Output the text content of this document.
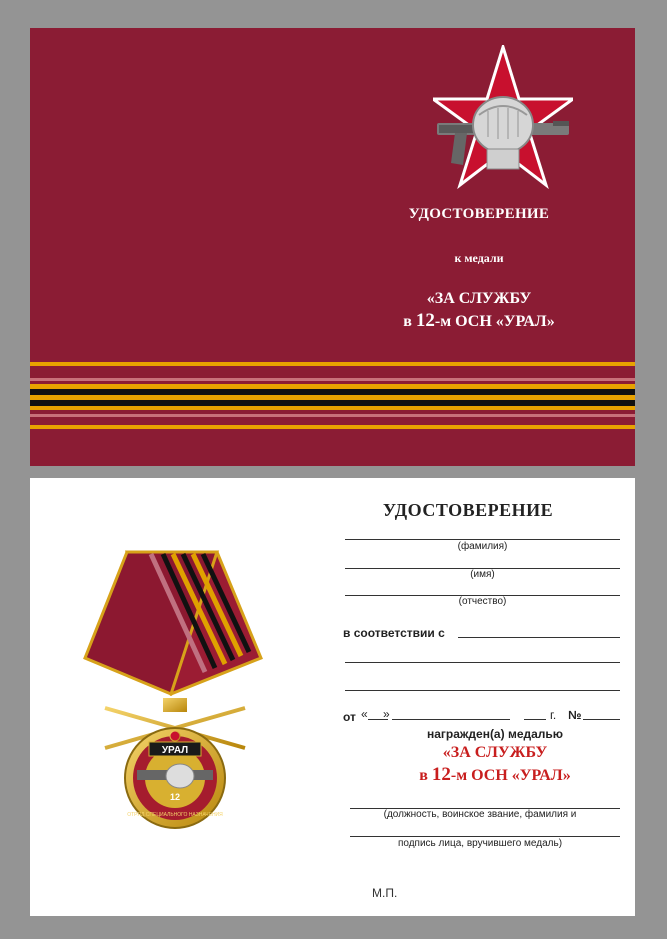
УДОСТОВЕРЕНИЕ
к медали
«ЗА СЛУЖБУ
в 12-м ОСН «УРАЛ»
УРАЛ
12
ОТРЯД СПЕЦИАЛЬНОГО НАЗНАЧЕНИЯ
УДОСТОВЕРЕНИЕ
(фамилия)
(имя)
(отчество)
в соответствии с
от « »	г. №
награжден(а) медалью
«ЗА СЛУЖБУ
в 12-м ОСН «УРАЛ»
(должность, воинское звание, фамилия и
подпись лица, вручившего медаль)
М.П.
